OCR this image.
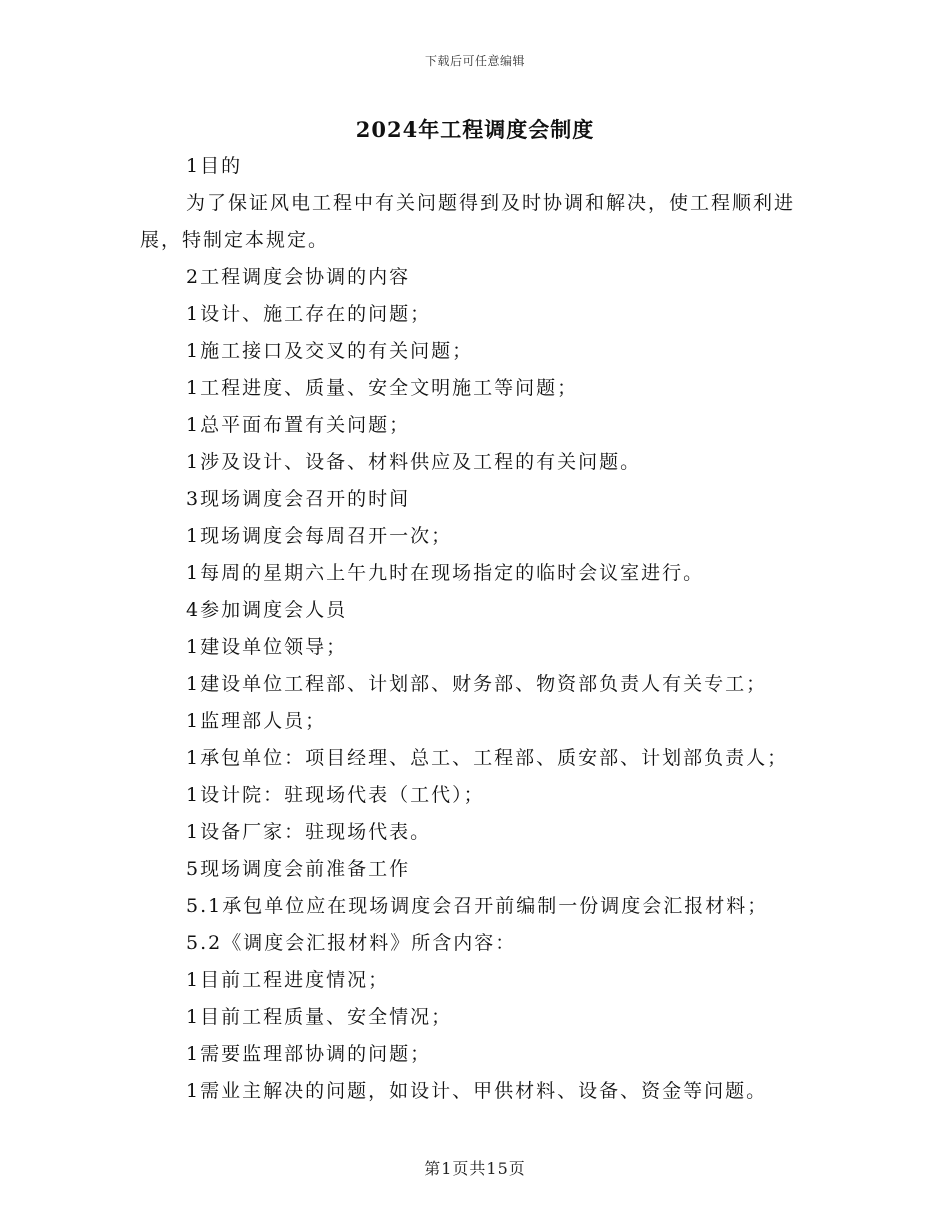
下载后可任意编辑
2024年工程调度会制度

1目的

为了保证风电工程中有关问题得到及时协调和解决，使工程顺利进展，特制定本规定。

2工程调度会协调的内容

1设计、施工存在的问题；

1施工接口及交叉的有关问题；

1工程进度、质量、安全文明施工等问题；

1总平面布置有关问题；

1涉及设计、设备、材料供应及工程的有关问题。

3现场调度会召开的时间

1现场调度会每周召开一次；

1每周的星期六上午九时在现场指定的临时会议室进行。

4参加调度会人员

1建设单位领导；

1建设单位工程部、计划部、财务部、物资部负责人有关专工；

1监理部人员；

1承包单位：项目经理、总工、工程部、质安部、计划部负责人；

1设计院：驻现场代表（工代）；

1设备厂家：驻现场代表。

5现场调度会前准备工作

5.1承包单位应在现场调度会召开前编制一份调度会汇报材料；

5.2《调度会汇报材料》所含内容：

1目前工程进度情况；

1目前工程质量、安全情况；

1需要监理部协调的问题；

1需业主解决的问题，如设计、甲供材料、设备、资金等问题。

第1页共15页
